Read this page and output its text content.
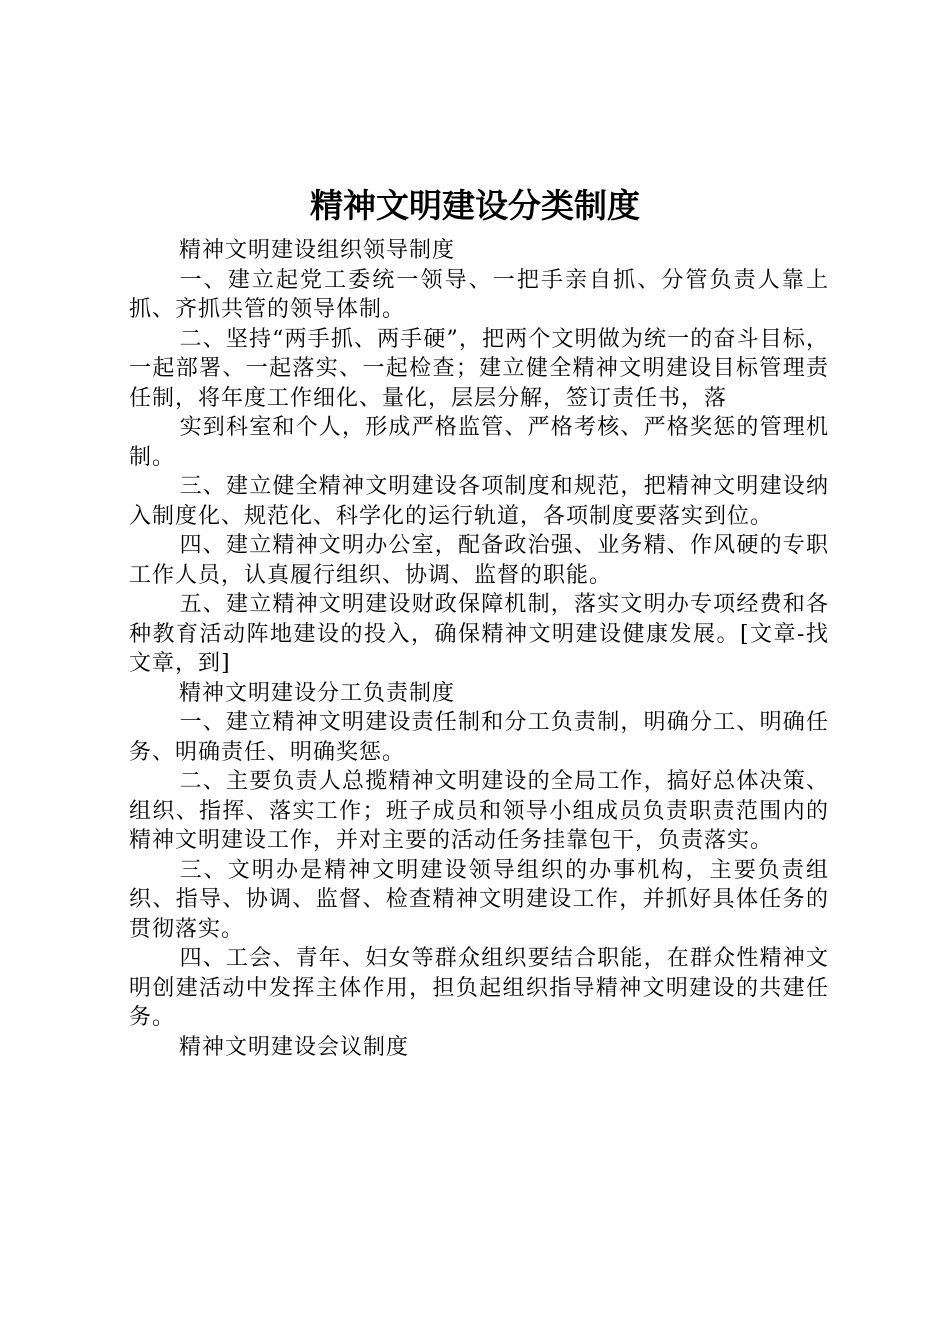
精神文明建设分类制度

精神文明建设组织领导制度

一、建立起党工委统一领导、一把手亲自抓、分管负责人靠上抓、齐抓共管的领导体制。

二、坚持“两手抓、两手硬”，把两个文明做为统一的奋斗目标，一起部署、一起落实、一起检查；建立健全精神文明建设目标管理责任制，将年度工作细化、量化，层层分解，签订责任书，落

实到科室和个人，形成严格监管、严格考核、严格奖惩的管理机制。

三、建立健全精神文明建设各项制度和规范，把精神文明建设纳入制度化、规范化、科学化的运行轨道，各项制度要落实到位。

四、建立精神文明办公室，配备政治强、业务精、作风硬的专职工作人员，认真履行组织、协调、监督的职能。

五、建立精神文明建设财政保障机制，落实文明办专项经费和各种教育活动阵地建设的投入，确保精神文明建设健康发展。[文章-找文章，到]

精神文明建设分工负责制度

一、建立精神文明建设责任制和分工负责制，明确分工、明确任务、明确责任、明确奖惩。

二、主要负责人总揽精神文明建设的全局工作，搞好总体决策、组织、指挥、落实工作；班子成员和领导小组成员负责职责范围内的精神文明建设工作，并对主要的活动任务挂靠包干，负责落实。

三、文明办是精神文明建设领导组织的办事机构，主要负责组织、指导、协调、监督、检查精神文明建设工作，并抓好具体任务的贯彻落实。

四、工会、青年、妇女等群众组织要结合职能，在群众性精神文明创建活动中发挥主体作用，担负起组织指导精神文明建设的共建任务。

精神文明建设会议制度
